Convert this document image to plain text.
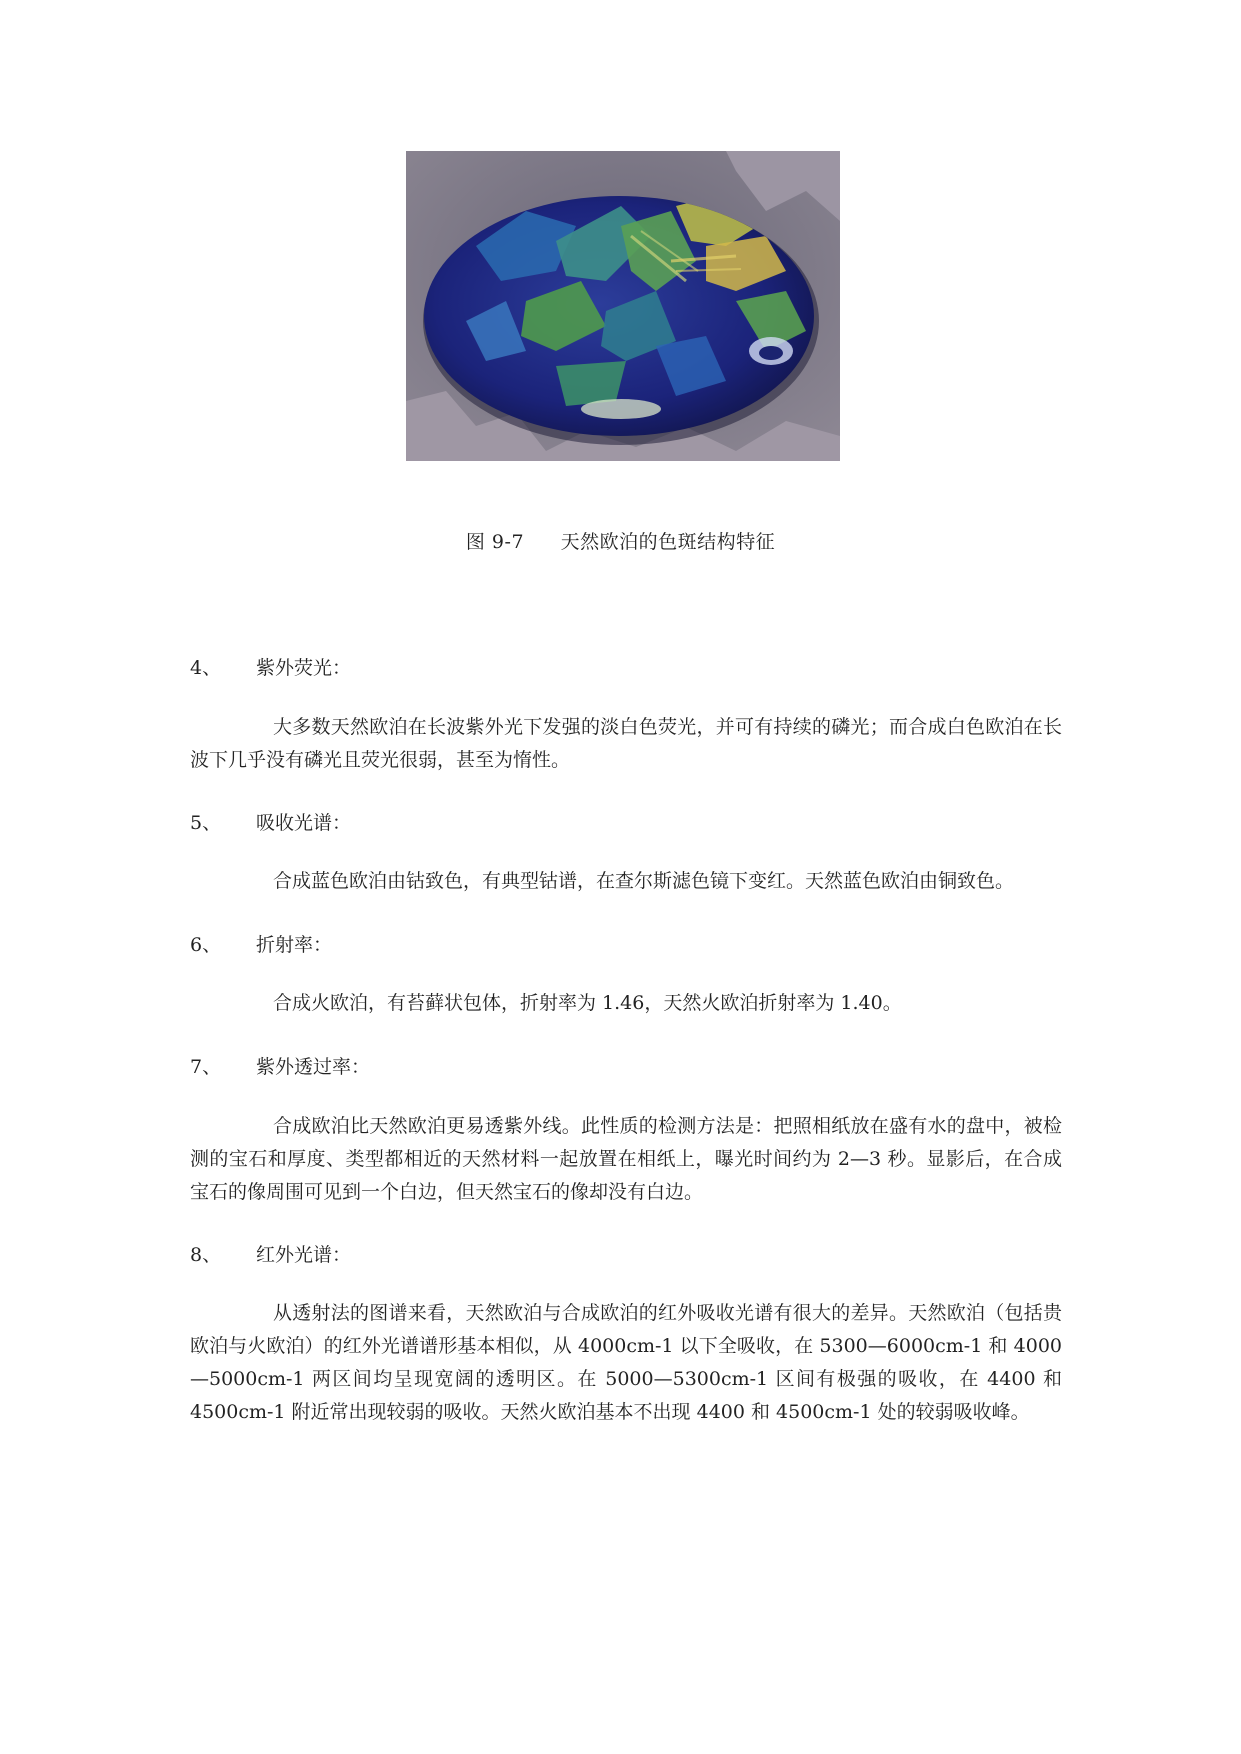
图 9-7 天然欧泊的色斑结构特征
4、 紫外荧光：
大多数天然欧泊在长波紫外光下发强的淡白色荧光，并可有持续的磷光；而合成白色欧泊在长波下几乎没有磷光且荧光很弱，甚至为惰性。
5、 吸收光谱：
合成蓝色欧泊由钴致色，有典型钴谱，在查尔斯滤色镜下变红。天然蓝色欧泊由铜致色。
6、 折射率：
合成火欧泊，有苔藓状包体，折射率为 1.46，天然火欧泊折射率为 1.40。
7、 紫外透过率：
合成欧泊比天然欧泊更易透紫外线。此性质的检测方法是：把照相纸放在盛有水的盘中，被检测的宝石和厚度、类型都相近的天然材料一起放置在相纸上，曝光时间约为 2—3 秒。显影后，在合成宝石的像周围可见到一个白边，但天然宝石的像却没有白边。
8、 红外光谱：
从透射法的图谱来看，天然欧泊与合成欧泊的红外吸收光谱有很大的差异。天然欧泊（包括贵欧泊与火欧泊）的红外光谱谱形基本相似，从 4000cm-1 以下全吸收，在 5300—6000cm-1 和 4000—5000cm-1 两区间均呈现宽阔的透明区。在 5000—5300cm-1 区间有极强的吸收，在 4400 和 4500cm-1 附近常出现较弱的吸收。天然火欧泊基本不出现 4400 和 4500cm-1 处的较弱吸收峰。
